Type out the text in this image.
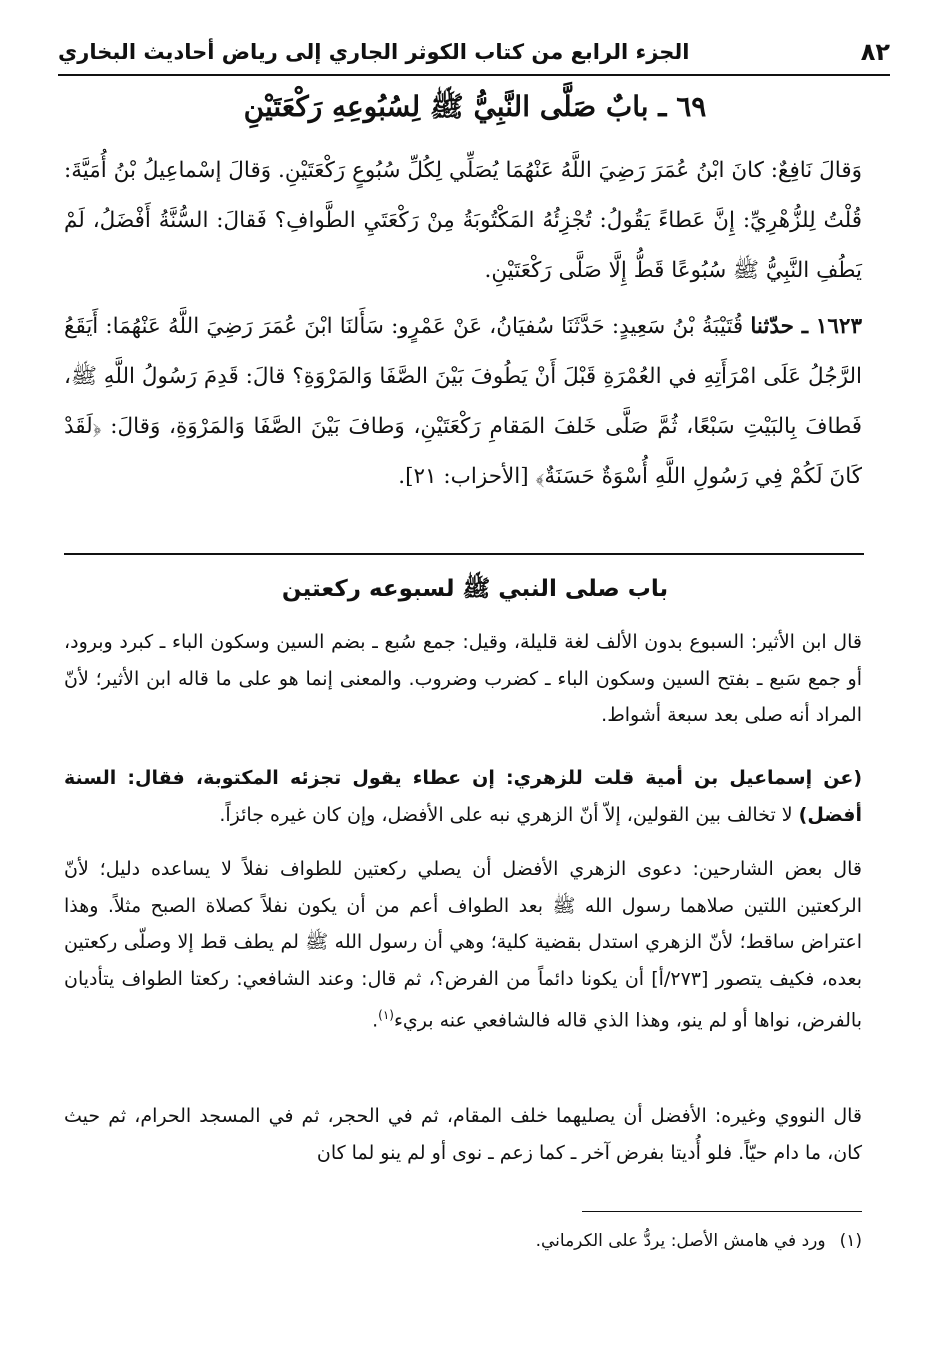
٨٢
الجزء الرابع من كتاب الكوثر الجاري إلى رياض أحاديث البخاري
٦٩ ـ بابٌ صَلَّى النَّبِيُّ ﷺ لِسُبُوعِهِ رَكْعَتَيْنِ

وَقالَ نَافِعٌ: كانَ ابْنُ عُمَرَ رَضِيَ اللَّهُ عَنْهُمَا يُصَلِّي لِكُلِّ سُبُوعٍ رَكْعَتَيْنِ. وَقالَ إسْماعِيلُ بْنُ أُمَيَّةَ: قُلْتُ لِلزُّهْرِيِّ: إِنَّ عَطاءً يَقُولُ: تُجْزِئُهُ المَكْتُوبَةُ مِنْ رَكْعَتَيِ الطَّوافِ؟ فَقالَ: السُّنَّةُ أَفْضَلُ، لَمْ يَطُفِ النَّبِيُّ ﷺ سُبُوعًا قَطُّ إِلَّا صَلَّى رَكْعَتَيْنِ.

١٦٢٣ ـ حدّثنا قُتَيْبَةُ بْنُ سَعِيدٍ: حَدَّثَنَا سُفيَانُ، عَنْ عَمْرٍو: سَأَلنَا ابْنَ عُمَرَ رَضِيَ اللَّهُ عَنْهُمَا: أَيَقَعُ الرَّجُلُ عَلَى امْرَأَتِهِ في العُمْرَةِ قَبْلَ أَنْ يَطُوفَ بَيْنَ الصَّفَا وَالمَرْوَةِ؟ قالَ: قَدِمَ رَسُولُ اللَّهِ ﷺ، فَطافَ بِالبَيْتِ سَبْعًا، ثُمَّ صَلَّى خَلفَ المَقامِ رَكْعَتَيْنِ، وَطافَ بَيْنَ الصَّفَا وَالمَرْوَةِ، وَقالَ: ﴿لَقَدْ كَانَ لَكُمْ فِي رَسُولِ اللَّهِ أُسْوَةٌ حَسَنَةٌ﴾ [الأحزاب: ٢١].

باب صلى النبي ﷺ لسبوعه ركعتين

قال ابن الأثير: السبوع بدون الألف لغة قليلة، وقيل: جمع سُبع ـ بضم السين وسكون الباء ـ كبرد وبرود، أو جمع سَبع ـ بفتح السين وسكون الباء ـ كضرب وضروب. والمعنى إنما هو على ما قاله ابن الأثير؛ لأنّ المراد أنه صلى بعد سبعة أشواط.

(عن إسماعيل بن أمية قلت للزهري: إن عطاء يقول تجزئه المكتوبة، فقال: السنة أفضل) لا تخالف بين القولين، إلاّ أنّ الزهري نبه على الأفضل، وإن كان غيره جائزاً.

قال بعض الشارحين: دعوى الزهري الأفضل أن يصلي ركعتين للطواف نفلاً لا يساعده دليل؛ لأنّ الركعتين اللتين صلاهما رسول الله ﷺ بعد الطواف أعم من أن يكون نفلاً كصلاة الصبح مثلاً. وهذا اعتراض ساقط؛ لأنّ الزهري استدل بقضية كلية؛ وهي أن رسول الله ﷺ لم يطف قط إلا وصلّى ركعتين بعده، فكيف يتصور [٢٧٣/أ] أن يكونا دائماً من الفرض؟، ثم قال: وعند الشافعي: ركعتا الطواف يتأديان بالفرض، نواها أو لم ينو، وهذا الذي قاله فالشافعي عنه بريء$^{(١)}$.

قال النووي وغيره: الأفضل أن يصليهما خلف المقام، ثم في الحجر، ثم في المسجد الحرام، ثم حيث كان، ما دام حيّاً. فلو أُديتا بفرض آخر ـ كما زعم ـ نوى أو لم ينو لما كان

(١)ورد في هامش الأصل: يردُّ على الكرماني.
